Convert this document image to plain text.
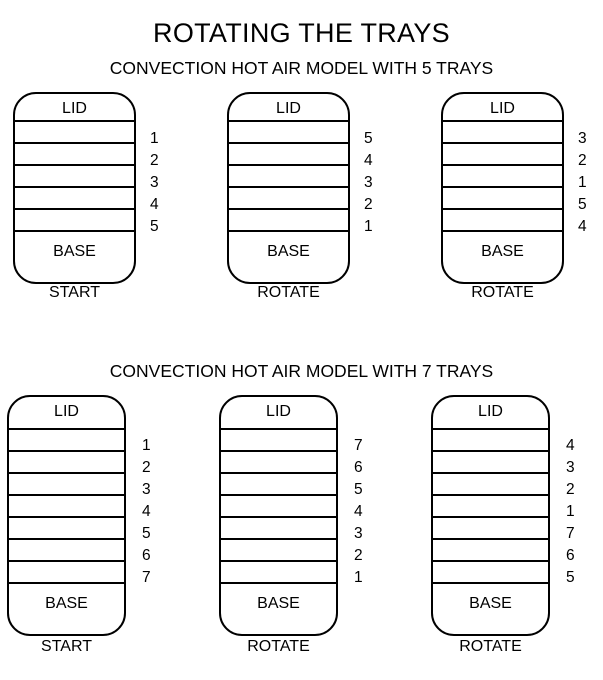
ROTATING THE TRAYS
CONVECTION HOT AIR MODEL WITH 5 TRAYS
CONVECTION HOT AIR MODEL WITH 7 TRAYS
LID
BASE
1
2
3
4
5
START
LID
BASE
5
4
3
2
1
ROTATE
LID
BASE
3
2
1
5
4
ROTATE
LID
BASE
1
2
3
4
5
6
7
START
LID
BASE
7
6
5
4
3
2
1
ROTATE
LID
BASE
4
3
2
1
7
6
5
ROTATE
